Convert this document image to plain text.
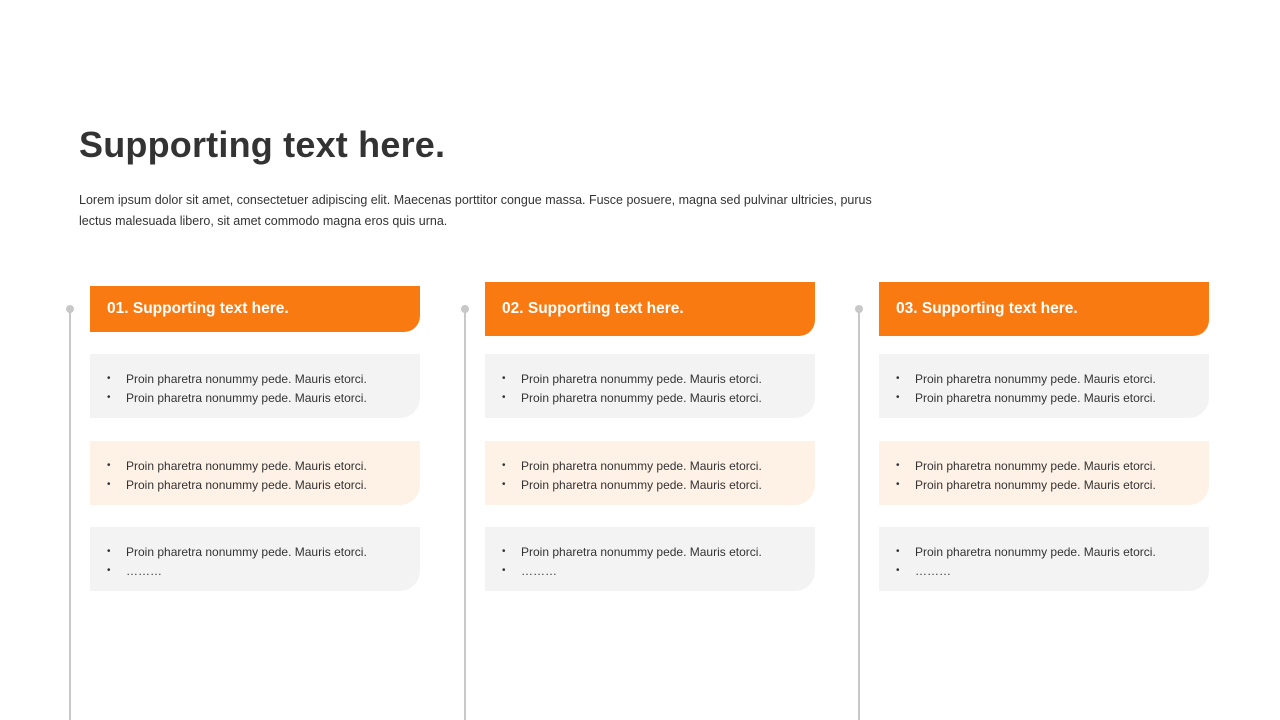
Supporting text here.

Lorem ipsum dolor sit amet, consectetuer adipiscing elit. Maecenas porttitor congue massa. Fusce posuere, magna sed pulvinar ultricies, purus lectus malesuada libero, sit amet commodo magna eros quis urna.

01. Supporting text here.
• Proin pharetra nonummy pede. Mauris etorci.
• Proin pharetra nonummy pede. Mauris etorci.
• Proin pharetra nonummy pede. Mauris etorci.
• Proin pharetra nonummy pede. Mauris etorci.
• Proin pharetra nonummy pede. Mauris etorci.
• ………
02. Supporting text here.
• Proin pharetra nonummy pede. Mauris etorci.
• Proin pharetra nonummy pede. Mauris etorci.
• Proin pharetra nonummy pede. Mauris etorci.
• Proin pharetra nonummy pede. Mauris etorci.
• Proin pharetra nonummy pede. Mauris etorci.
• ………
03. Supporting text here.
• Proin pharetra nonummy pede. Mauris etorci.
• Proin pharetra nonummy pede. Mauris etorci.
• Proin pharetra nonummy pede. Mauris etorci.
• Proin pharetra nonummy pede. Mauris etorci.
• Proin pharetra nonummy pede. Mauris etorci.
• ………
